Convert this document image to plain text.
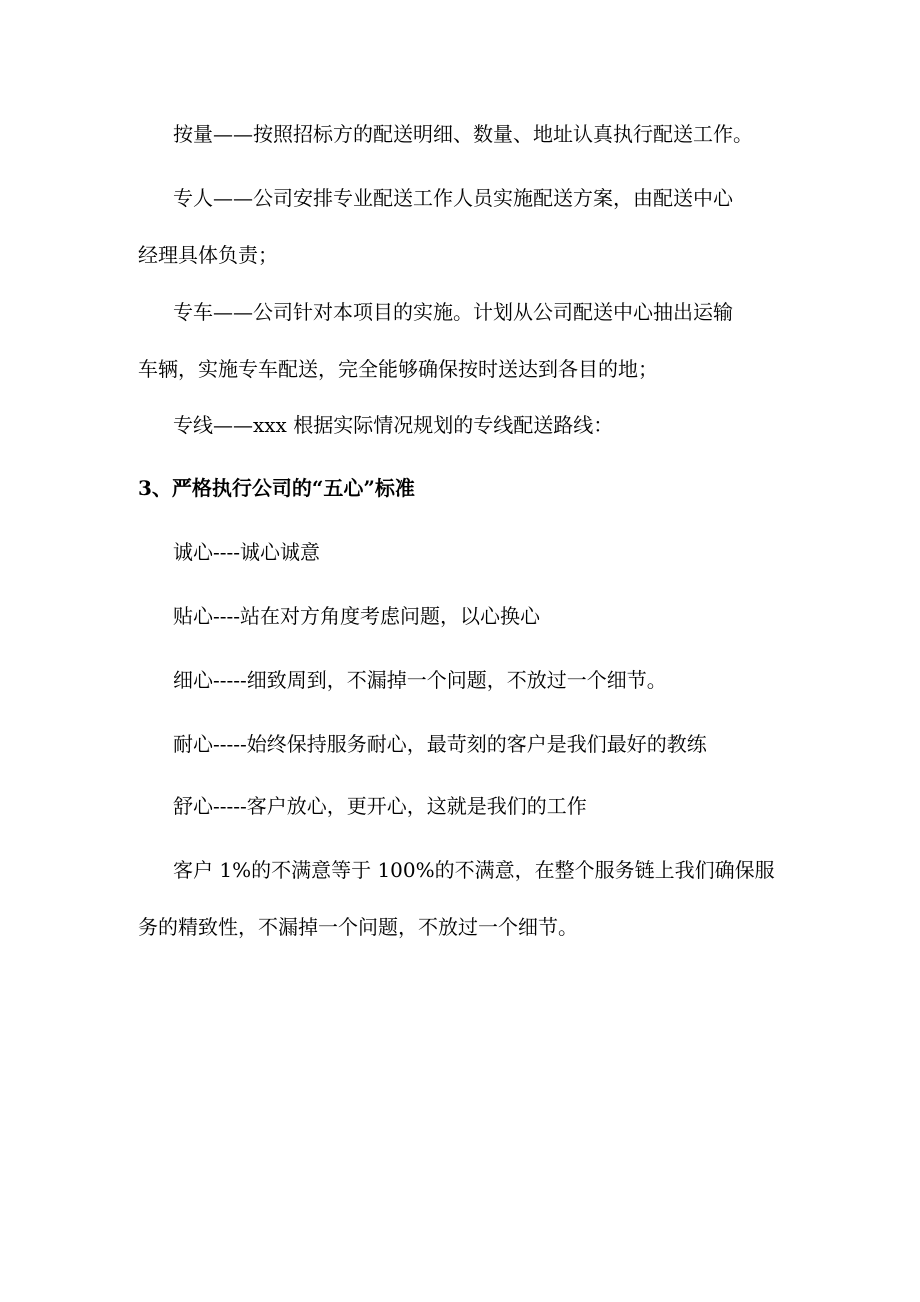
按量——按照招标方的配送明细、数量、地址认真执行配送工作。
专人——公司安排专业配送工作人员实施配送方案，由配送中心
经理具体负责；
专车——公司针对本项目的实施。计划从公司配送中心抽出运输
车辆，实施专车配送，完全能够确保按时送达到各目的地；
专线——xxx 根据实际情况规划的专线配送路线：
3、严格执行公司的“五心”标准
诚心----诚心诚意
贴心----站在对方角度考虑问题，以心换心
细心-----细致周到，不漏掉一个问题，不放过一个细节。
耐心-----始终保持服务耐心，最苛刻的客户是我们最好的教练
舒心-----客户放心，更开心，这就是我们的工作
客户 1%的不满意等于 100%的不满意，在整个服务链上我们确保服
务的精致性，不漏掉一个问题，不放过一个细节。
